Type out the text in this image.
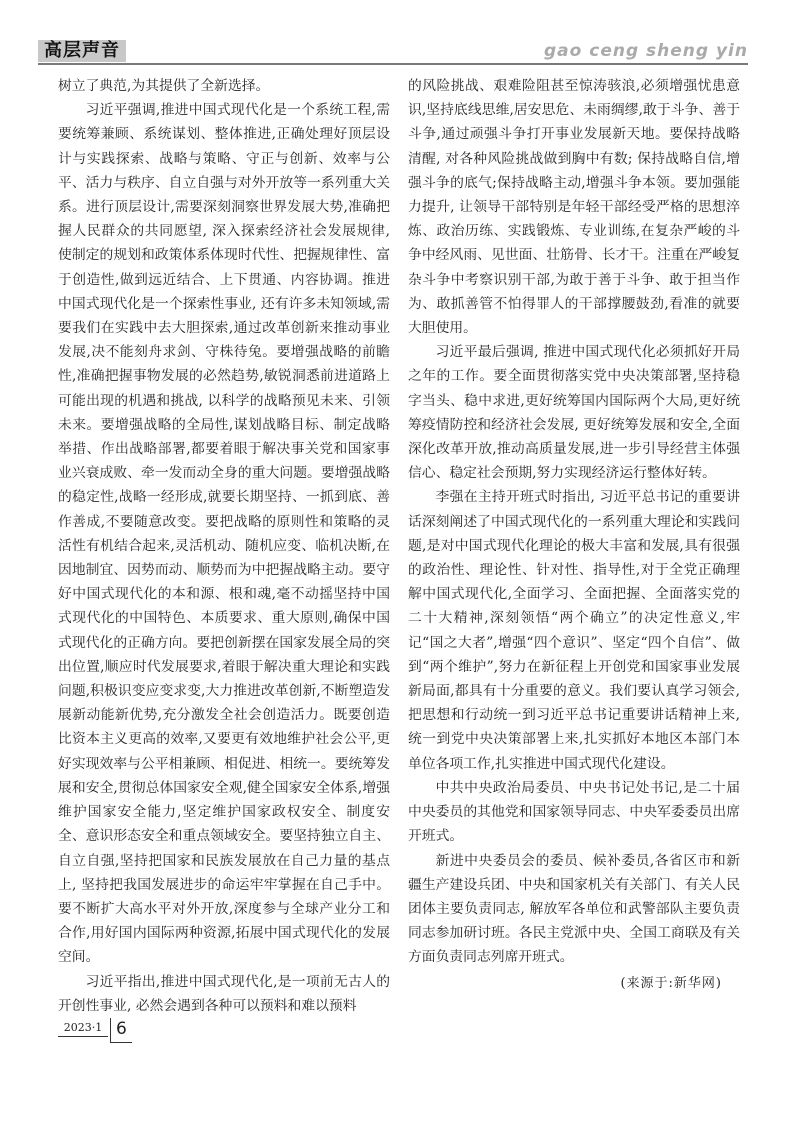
高层声音	gao ceng sheng yin

树立了典范,为其提供了全新选择。

习近平强调,推进中国式现代化是一个系统工程,需要统筹兼顾、系统谋划、整体推进,正确处理好顶层设计与实践探索、战略与策略、守正与创新、效率与公平、活力与秩序、自立自强与对外开放等一系列重大关系。进行顶层设计,需要深刻洞察世界发展大势,准确把握人民群众的共同愿望, 深入探索经济社会发展规律, 使制定的规划和政策体系体现时代性、把握规律性、富于创造性,做到远近结合、上下贯通、内容协调。推进中国式现代化是一个探索性事业, 还有许多未知领域,需要我们在实践中去大胆探索,通过改革创新来推动事业发展,决不能刻舟求剑、守株待兔。要增强战略的前瞻性,准确把握事物发展的必然趋势,敏锐洞悉前进道路上可能出现的机遇和挑战, 以科学的战略预见未来、引领未来。要增强战略的全局性,谋划战略目标、制定战略举措、作出战略部署,都要着眼于解决事关党和国家事业兴衰成败、牵一发而动全身的重大问题。要增强战略的稳定性,战略一经形成,就要长期坚持、一抓到底、善作善成,不要随意改变。要把战略的原则性和策略的灵活性有机结合起来,灵活机动、随机应变、临机决断,在因地制宜、因势而动、顺势而为中把握战略主动。要守好中国式现代化的本和源、根和魂,毫不动摇坚持中国式现代化的中国特色、本质要求、重大原则,确保中国式现代化的正确方向。要把创新摆在国家发展全局的突出位置,顺应时代发展要求,着眼于解决重大理论和实践问题,积极识变应变求变,大力推进改革创新,不断塑造发展新动能新优势,充分激发全社会创造活力。既要创造比资本主义更高的效率,又要更有效地维护社会公平,更好实现效率与公平相兼顾、相促进、相统一。要统筹发展和安全,贯彻总体国家安全观,健全国家安全体系,增强维护国家安全能力,坚定维护国家政权安全、制度安全、意识形态安全和重点领域安全。要坚持独立自主、自立自强,坚持把国家和民族发展放在自己力量的基点上, 坚持把我国发展进步的命运牢牢掌握在自己手中。要不断扩大高水平对外开放,深度参与全球产业分工和合作,用好国内国际两种资源,拓展中国式现代化的发展空间。

习近平指出,推进中国式现代化,是一项前无古人的开创性事业, 必然会遇到各种可以预料和难以预料

的风险挑战、艰难险阻甚至惊涛骇浪,必须增强忧患意识,坚持底线思维,居安思危、未雨绸缪,敢于斗争、善于斗争,通过顽强斗争打开事业发展新天地。要保持战略清醒, 对各种风险挑战做到胸中有数; 保持战略自信,增强斗争的底气;保持战略主动,增强斗争本领。要加强能力提升, 让领导干部特别是年轻干部经受严格的思想淬炼、政治历练、实践锻炼、专业训练,在复杂严峻的斗争中经风雨、见世面、壮筋骨、长才干。注重在严峻复杂斗争中考察识别干部,为敢于善于斗争、敢于担当作为、敢抓善管不怕得罪人的干部撑腰鼓劲,看准的就要大胆使用。

习近平最后强调, 推进中国式现代化必须抓好开局之年的工作。要全面贯彻落实党中央决策部署,坚持稳字当头、稳中求进,更好统筹国内国际两个大局,更好统筹疫情防控和经济社会发展, 更好统筹发展和安全,全面深化改革开放,推动高质量发展,进一步引导经营主体强信心、稳定社会预期,努力实现经济运行整体好转。

李强在主持开班式时指出, 习近平总书记的重要讲话深刻阐述了中国式现代化的一系列重大理论和实践问题,是对中国式现代化理论的极大丰富和发展,具有很强的政治性、理论性、针对性、指导性,对于全党正确理解中国式现代化,全面学习、全面把握、全面落实党的二十大精神,深刻领悟“两个确立”的决定性意义,牢记“国之大者”,增强“四个意识”、坚定“四个自信”、做到“两个维护”,努力在新征程上开创党和国家事业发展新局面,都具有十分重要的意义。我们要认真学习领会, 把思想和行动统一到习近平总书记重要讲话精神上来,统一到党中央决策部署上来,扎实抓好本地区本部门本单位各项工作,扎实推进中国式现代化建设。

中共中央政治局委员、中央书记处书记,是二十届中央委员的其他党和国家领导同志、中央军委委员出席开班式。

新进中央委员会的委员、候补委员,各省区市和新疆生产建设兵团、中央和国家机关有关部门、有关人民团体主要负责同志, 解放军各单位和武警部队主要负责同志参加研讨班。各民主党派中央、全国工商联及有关方面负责同志列席开班式。

(来源于:新华网)
2023·1 6
